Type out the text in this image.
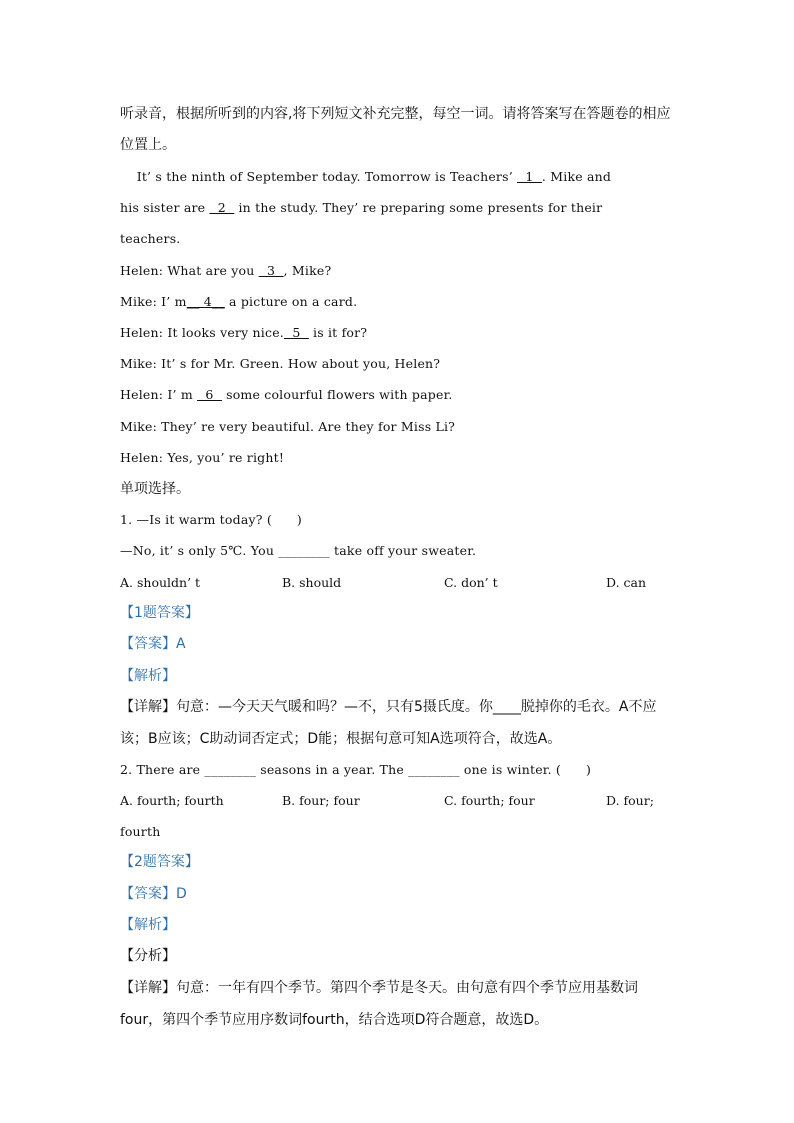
听录音，根据所听到的内容,将下列短文补充完整，每空一词。请将答案写在答题卷的相应
位置上。
It’ s the ninth of September today. Tomorrow is Teachers’   1  . Mike and
his sister are   2   in the study. They’ re preparing some presents for their
teachers.
Helen: What are you   3  , Mike?
Mike: I’ m__ 4__ a picture on a card.
Helen: It looks very nice.  5   is it for?
Mike: It’ s for Mr. Green. How about you, Helen?
Helen: I’ m   6   some colourful flowers with paper.
Mike: They’ re very beautiful. Are they for Miss Li?
Helen: Yes, you’ re right!
单项选择。
1. —Is it warm today? (      )
—No, it’ s only 5℃. You ________ take off your sweater.
A. shouldn’ t	B. should	C. don’ t	D. can
【1题答案】
【答案】A
【解析】
【详解】句意：—今天天气暖和吗？—不，只有5摄氏度。你____脱掉你的毛衣。A不应
该；B应该；C助动词否定式；D能；根据句意可知A选项符合，故选A。
2. There are ________ seasons in a year. The ________ one is winter. (      )
A. fourth; fourth	B. four; four	C. fourth; four	D. four;
fourth
【2题答案】
【答案】D
【解析】
【分析】
【详解】句意：一年有四个季节。第四个季节是冬天。由句意有四个季节应用基数词
four，第四个季节应用序数词fourth，结合选项D符合题意，故选D。
